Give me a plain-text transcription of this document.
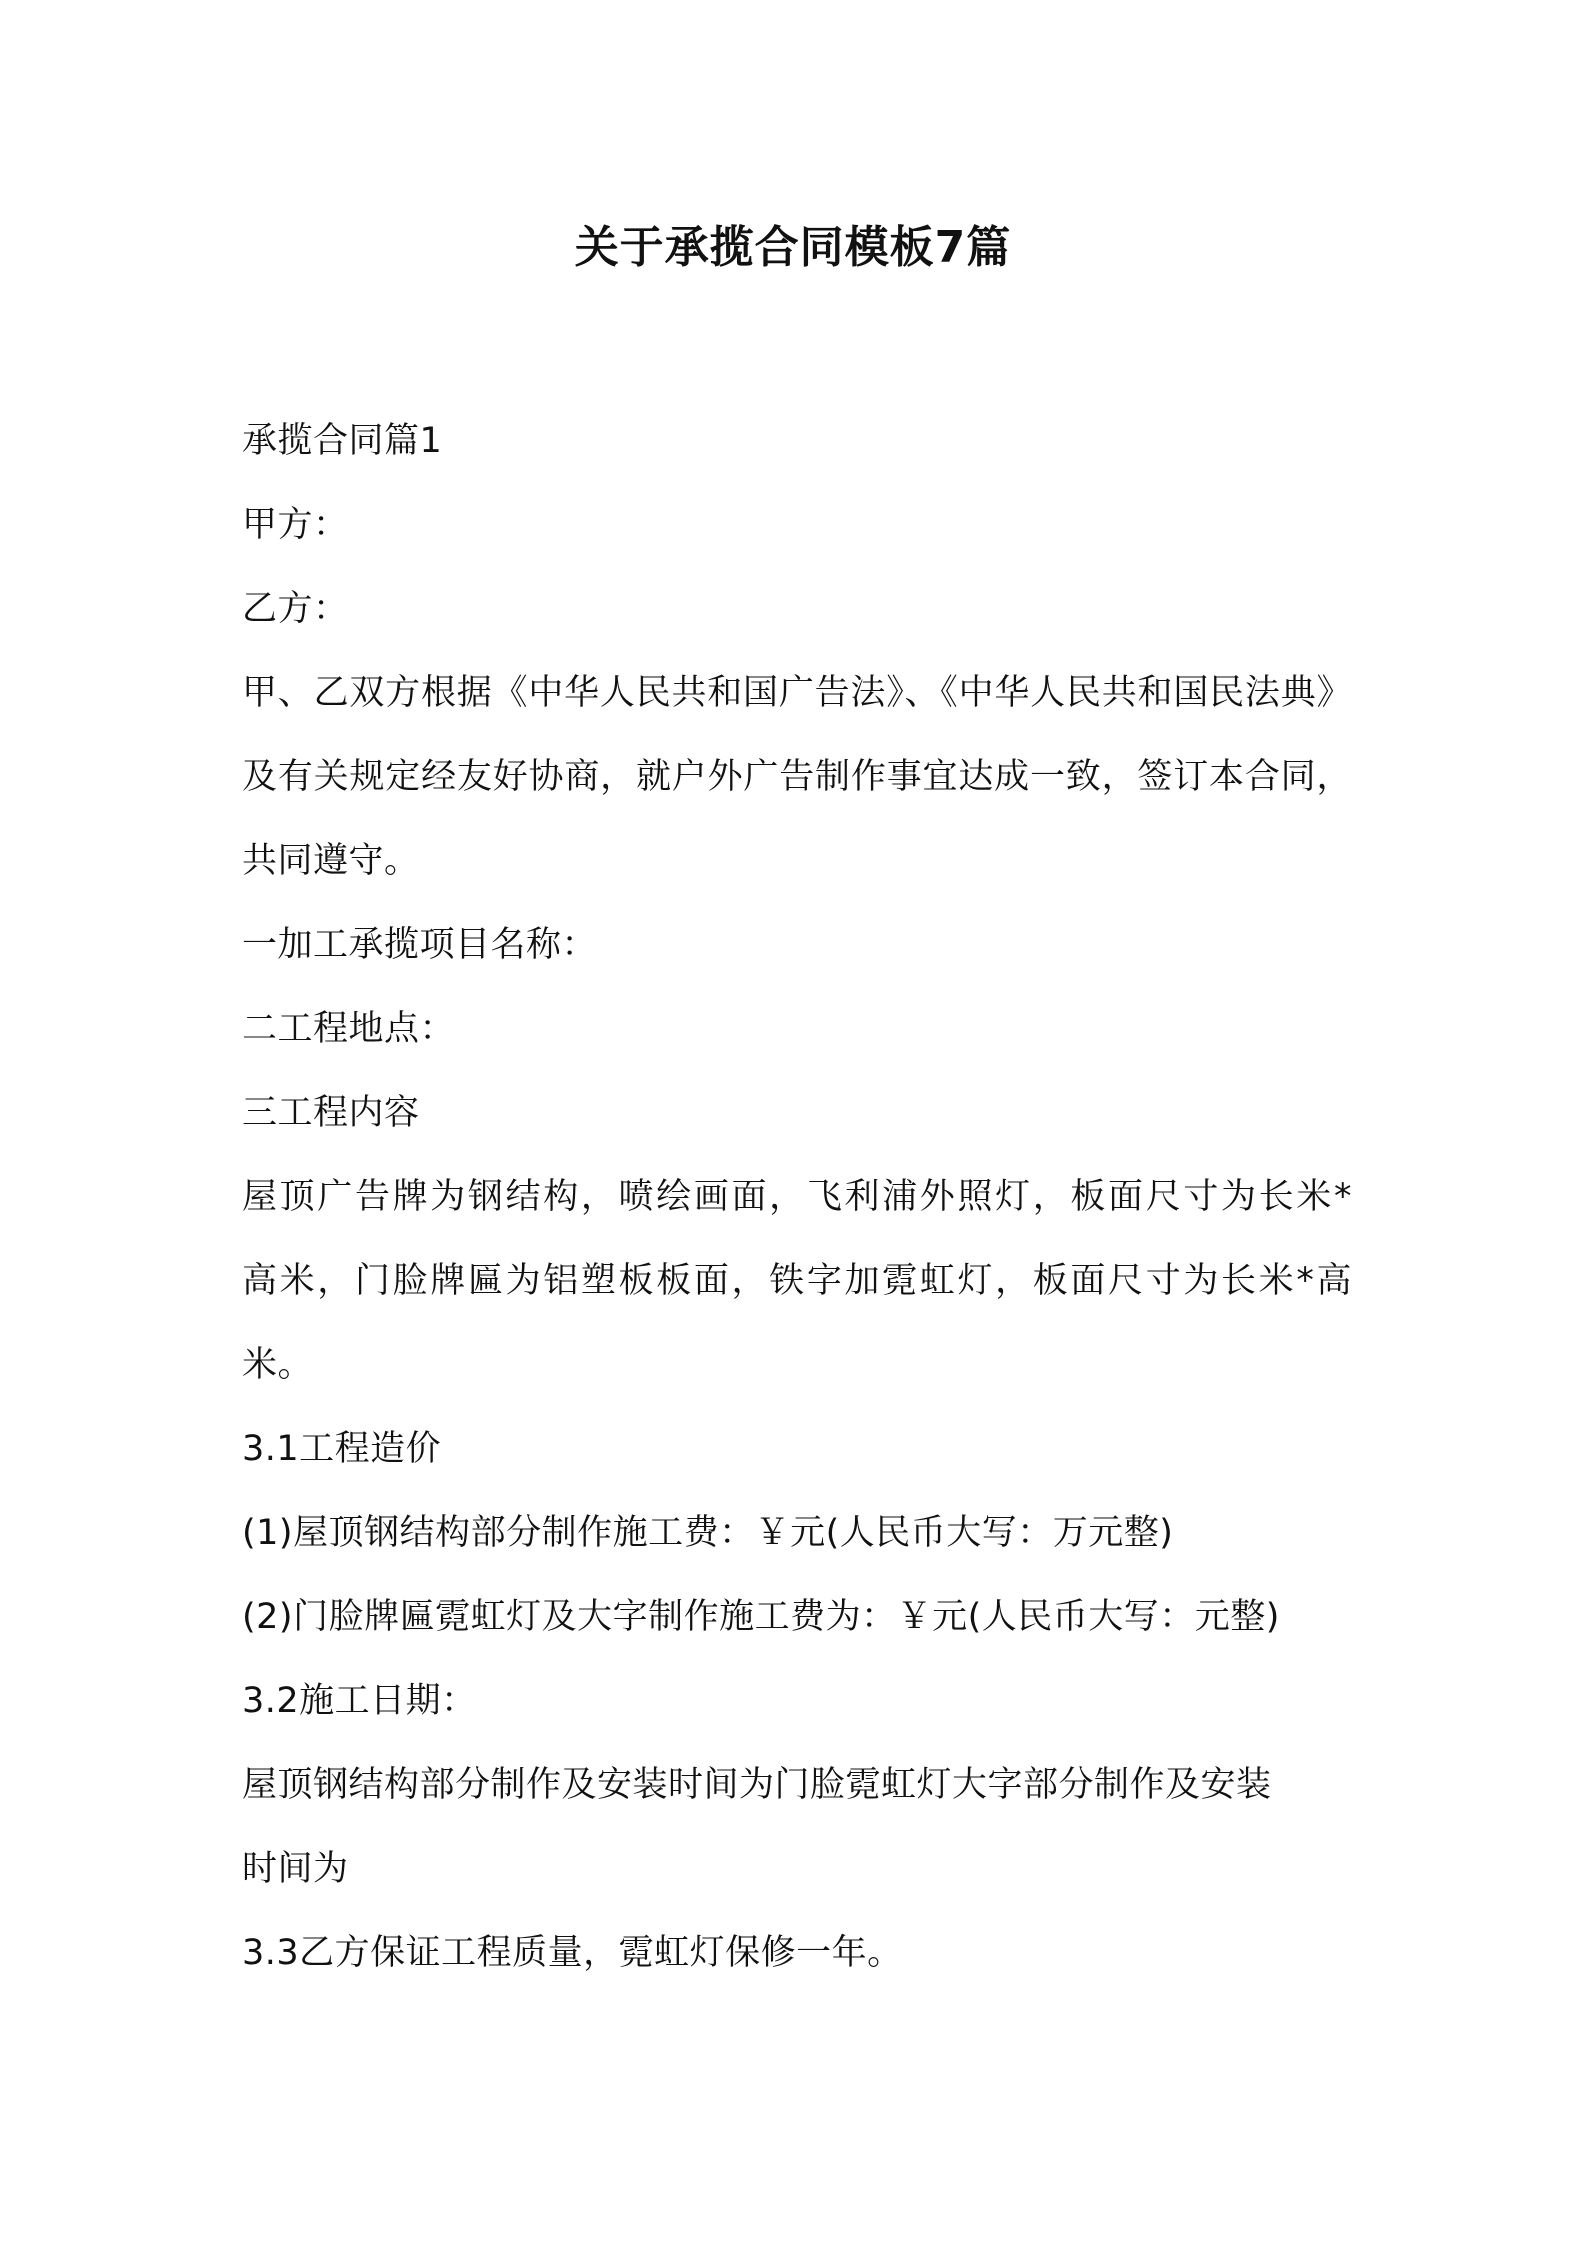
关于承揽合同模板7篇

承揽合同篇1

甲方：

乙方：

甲、乙双方根据《中华人民共和国广告法》、《中华人民共和国民法典》

及有关规定经友好协商，就户外广告制作事宜达成一致，签订本合同，

共同遵守。

一加工承揽项目名称：

二工程地点：

三工程内容

屋顶广告牌为钢结构，喷绘画面，飞利浦外照灯，板面尺寸为长米*

高米，门脸牌匾为铝塑板板面，铁字加霓虹灯，板面尺寸为长米*高

米。

3.1工程造价

(1)屋顶钢结构部分制作施工费：￥元(人民币大写：万元整)

(2)门脸牌匾霓虹灯及大字制作施工费为：￥元(人民币大写：元整)

3.2施工日期：

屋顶钢结构部分制作及安装时间为门脸霓虹灯大字部分制作及安装

时间为

3.3乙方保证工程质量，霓虹灯保修一年。
